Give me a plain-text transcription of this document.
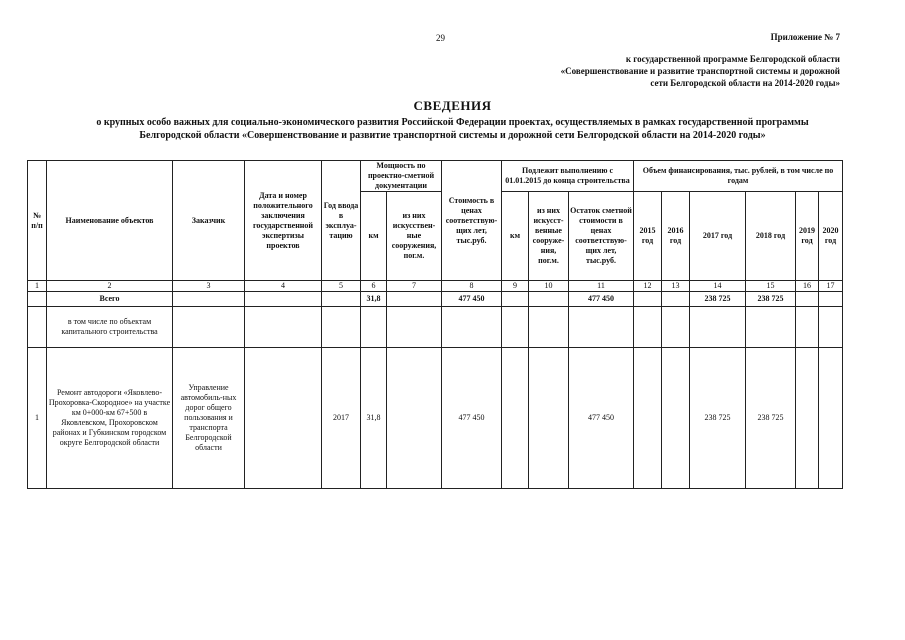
29	Приложение № 7
к государственной программе Белгородской области
«Совершенствование и развитие транспортной системы и дорожной
сети Белгородской области на 2014-2020 годы»
СВЕДЕНИЯ
о крупных особо важных для социально-экономического развития Российской Федерации проектах, осуществляемых в рамках государственной программы
Белгородской области «Совершенствование и развитие транспортной системы и дорожной сети Белгородской области на 2014-2020 годы»
№ п/п	Наименование объектов	Заказчик	Дата и номер положительного заключения государственной экспертизы проектов	Год ввода в эксплуа-тацию	Мощность по проектно-сметной документации		Стоимость в ценах соответствую-щих лет, тыс.руб.	Подлежит выполнению с 01.01.2015 до конца строительства			Объем финансирования, тыс. рублей, в том числе по годам					
					км	из них искусствен-ные сооружения, пог.м.		км	из них искусст-венные сооруже-ния, пог.м.	Остаток сметной стоимости в ценах соответствую-щих лет, тыс.руб.	2015 год	2016 год	2017 год	2018 год	2019 год	2020 год
1	2	3	4	5	6	7	8	9	10	11	12	13	14	15	16	17
	Всего				31,8		477 450			477 450			238 725	238 725		
	в том числе по объектам капитального строительства															
1	Ремонт автодороги «Яковлево-Прохоровка-Скородное» на участке км 0+000-км 67+500 в Яковлевском, Прохоровском районах и Губкинском городском округе Белгородской области	Управление автомобиль-ных дорог общего пользования и транспорта Белгородской области		2017	31,8		477 450			477 450			238 725	238 725		
